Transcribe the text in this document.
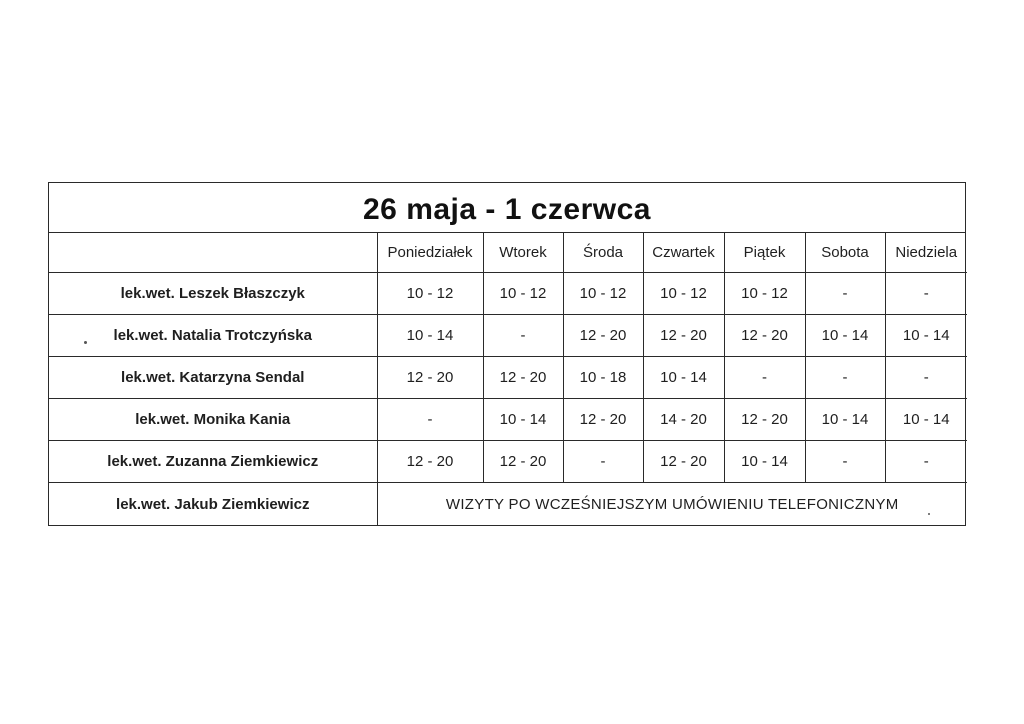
26 maja - 1 czerwca
	Poniedziałek	Wtorek	Środa	Czwartek	Piątek	Sobota	Niedziela
lek.wet. Leszek Błaszczyk	10 - 12	10 - 12	10 - 12	10 - 12	10 - 12	-	-
lek.wet. Natalia Trotczyńska	10 - 14	-	12 - 20	12 - 20	12 - 20	10 - 14	10 - 14
lek.wet. Katarzyna Sendal	12 - 20	12 - 20	10 - 18	10 - 14	-	-	-
lek.wet. Monika Kania	-	10 - 14	12 - 20	14 - 20	12 - 20	10 - 14	10 - 14
lek.wet. Zuzanna Ziemkiewicz	12 - 20	12 - 20	-	12 - 20	10 - 14	-	-
lek.wet. Jakub Ziemkiewicz	WIZYTY PO WCZEŚNIEJSZYM UMÓWIENIU TELEFONICZNYM						
